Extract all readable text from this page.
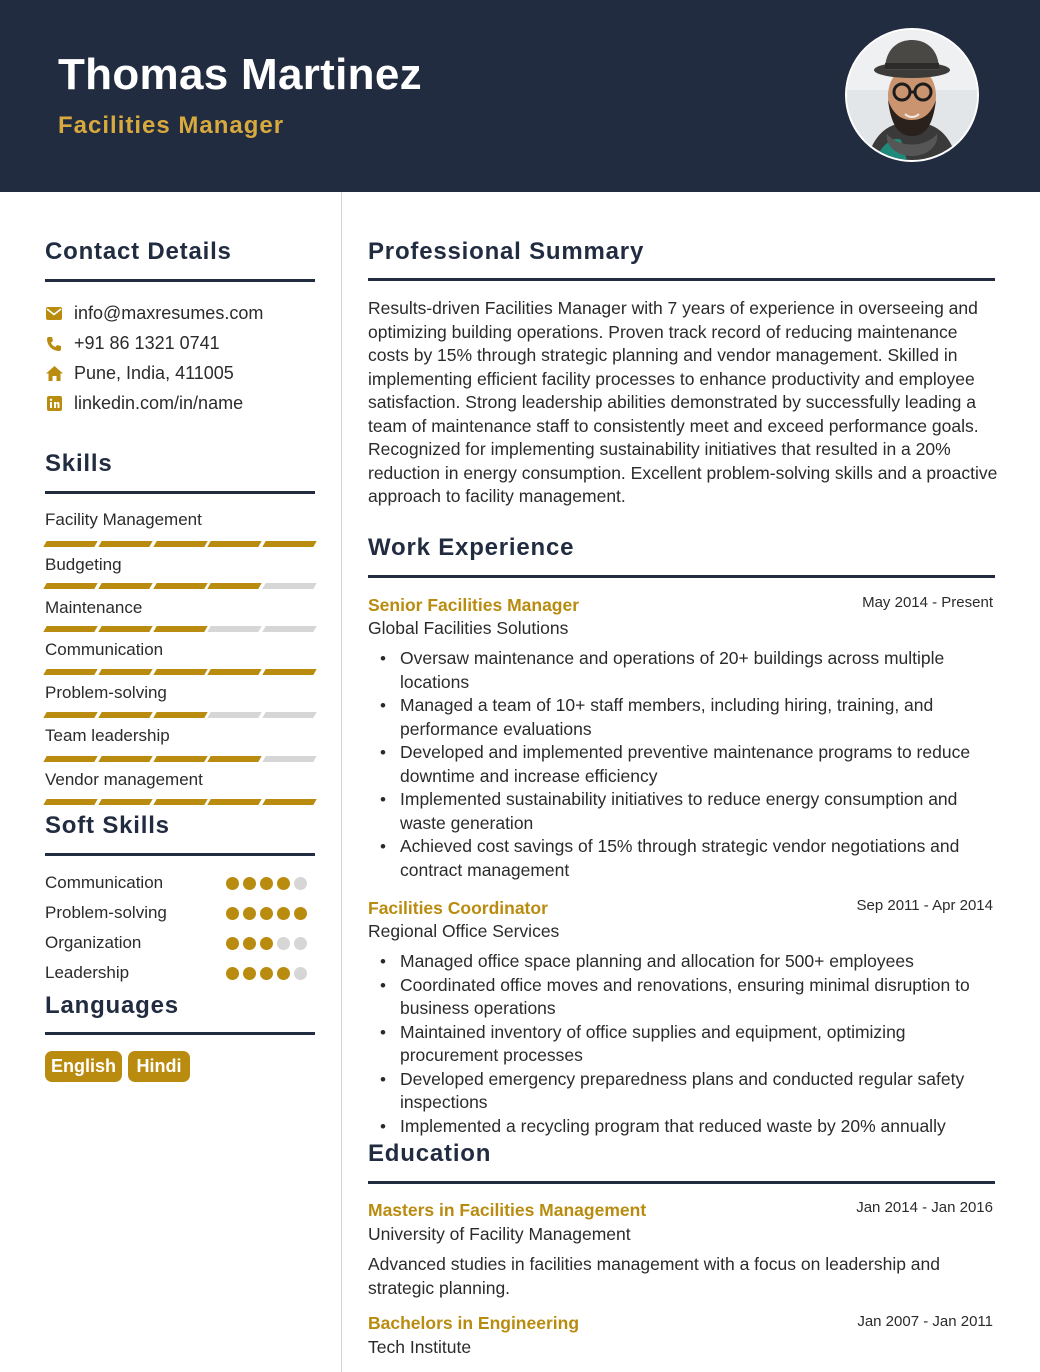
Thomas Martinez
Facilities Manager
Contact Details
info@maxresumes.com
+91 86 1321 0741
Pune, India, 411005
linkedin.com/in/name
Skills
Facility Management
Budgeting
Maintenance
Communication
Problem-solving
Team leadership
Vendor management
Soft Skills
Communication
Problem-solving
Organization
Leadership
Languages
English	Hindi
Professional Summary
Results-driven Facilities Manager with 7 years of experience in overseeing and optimizing building operations. Proven track record of reducing maintenance costs by 15% through strategic planning and vendor management. Skilled in implementing efficient facility processes to enhance productivity and employee satisfaction. Strong leadership abilities demonstrated by successfully leading a team of maintenance staff to consistently meet and exceed performance goals. Recognized for implementing sustainability initiatives that resulted in a 20% reduction in energy consumption. Excellent problem-solving skills and a proactive approach to facility management.
Work Experience
Senior Facilities Manager	May 2014 - Present
Global Facilities Solutions
• Oversaw maintenance and operations of 20+ buildings across multiple locations
• Managed a team of 10+ staff members, including hiring, training, and performance evaluations
• Developed and implemented preventive maintenance programs to reduce downtime and increase efficiency
• Implemented sustainability initiatives to reduce energy consumption and waste generation
• Achieved cost savings of 15% through strategic vendor negotiations and contract management
Facilities Coordinator	Sep 2011 - Apr 2014
Regional Office Services
• Managed office space planning and allocation for 500+ employees
• Coordinated office moves and renovations, ensuring minimal disruption to business operations
• Maintained inventory of office supplies and equipment, optimizing procurement processes
• Developed emergency preparedness plans and conducted regular safety inspections
• Implemented a recycling program that reduced waste by 20% annually
Education
Masters in Facilities Management	Jan 2014 - Jan 2016
University of Facility Management
Advanced studies in facilities management with a focus on leadership and strategic planning.
Bachelors in Engineering	Jan 2007 - Jan 2011
Tech Institute
